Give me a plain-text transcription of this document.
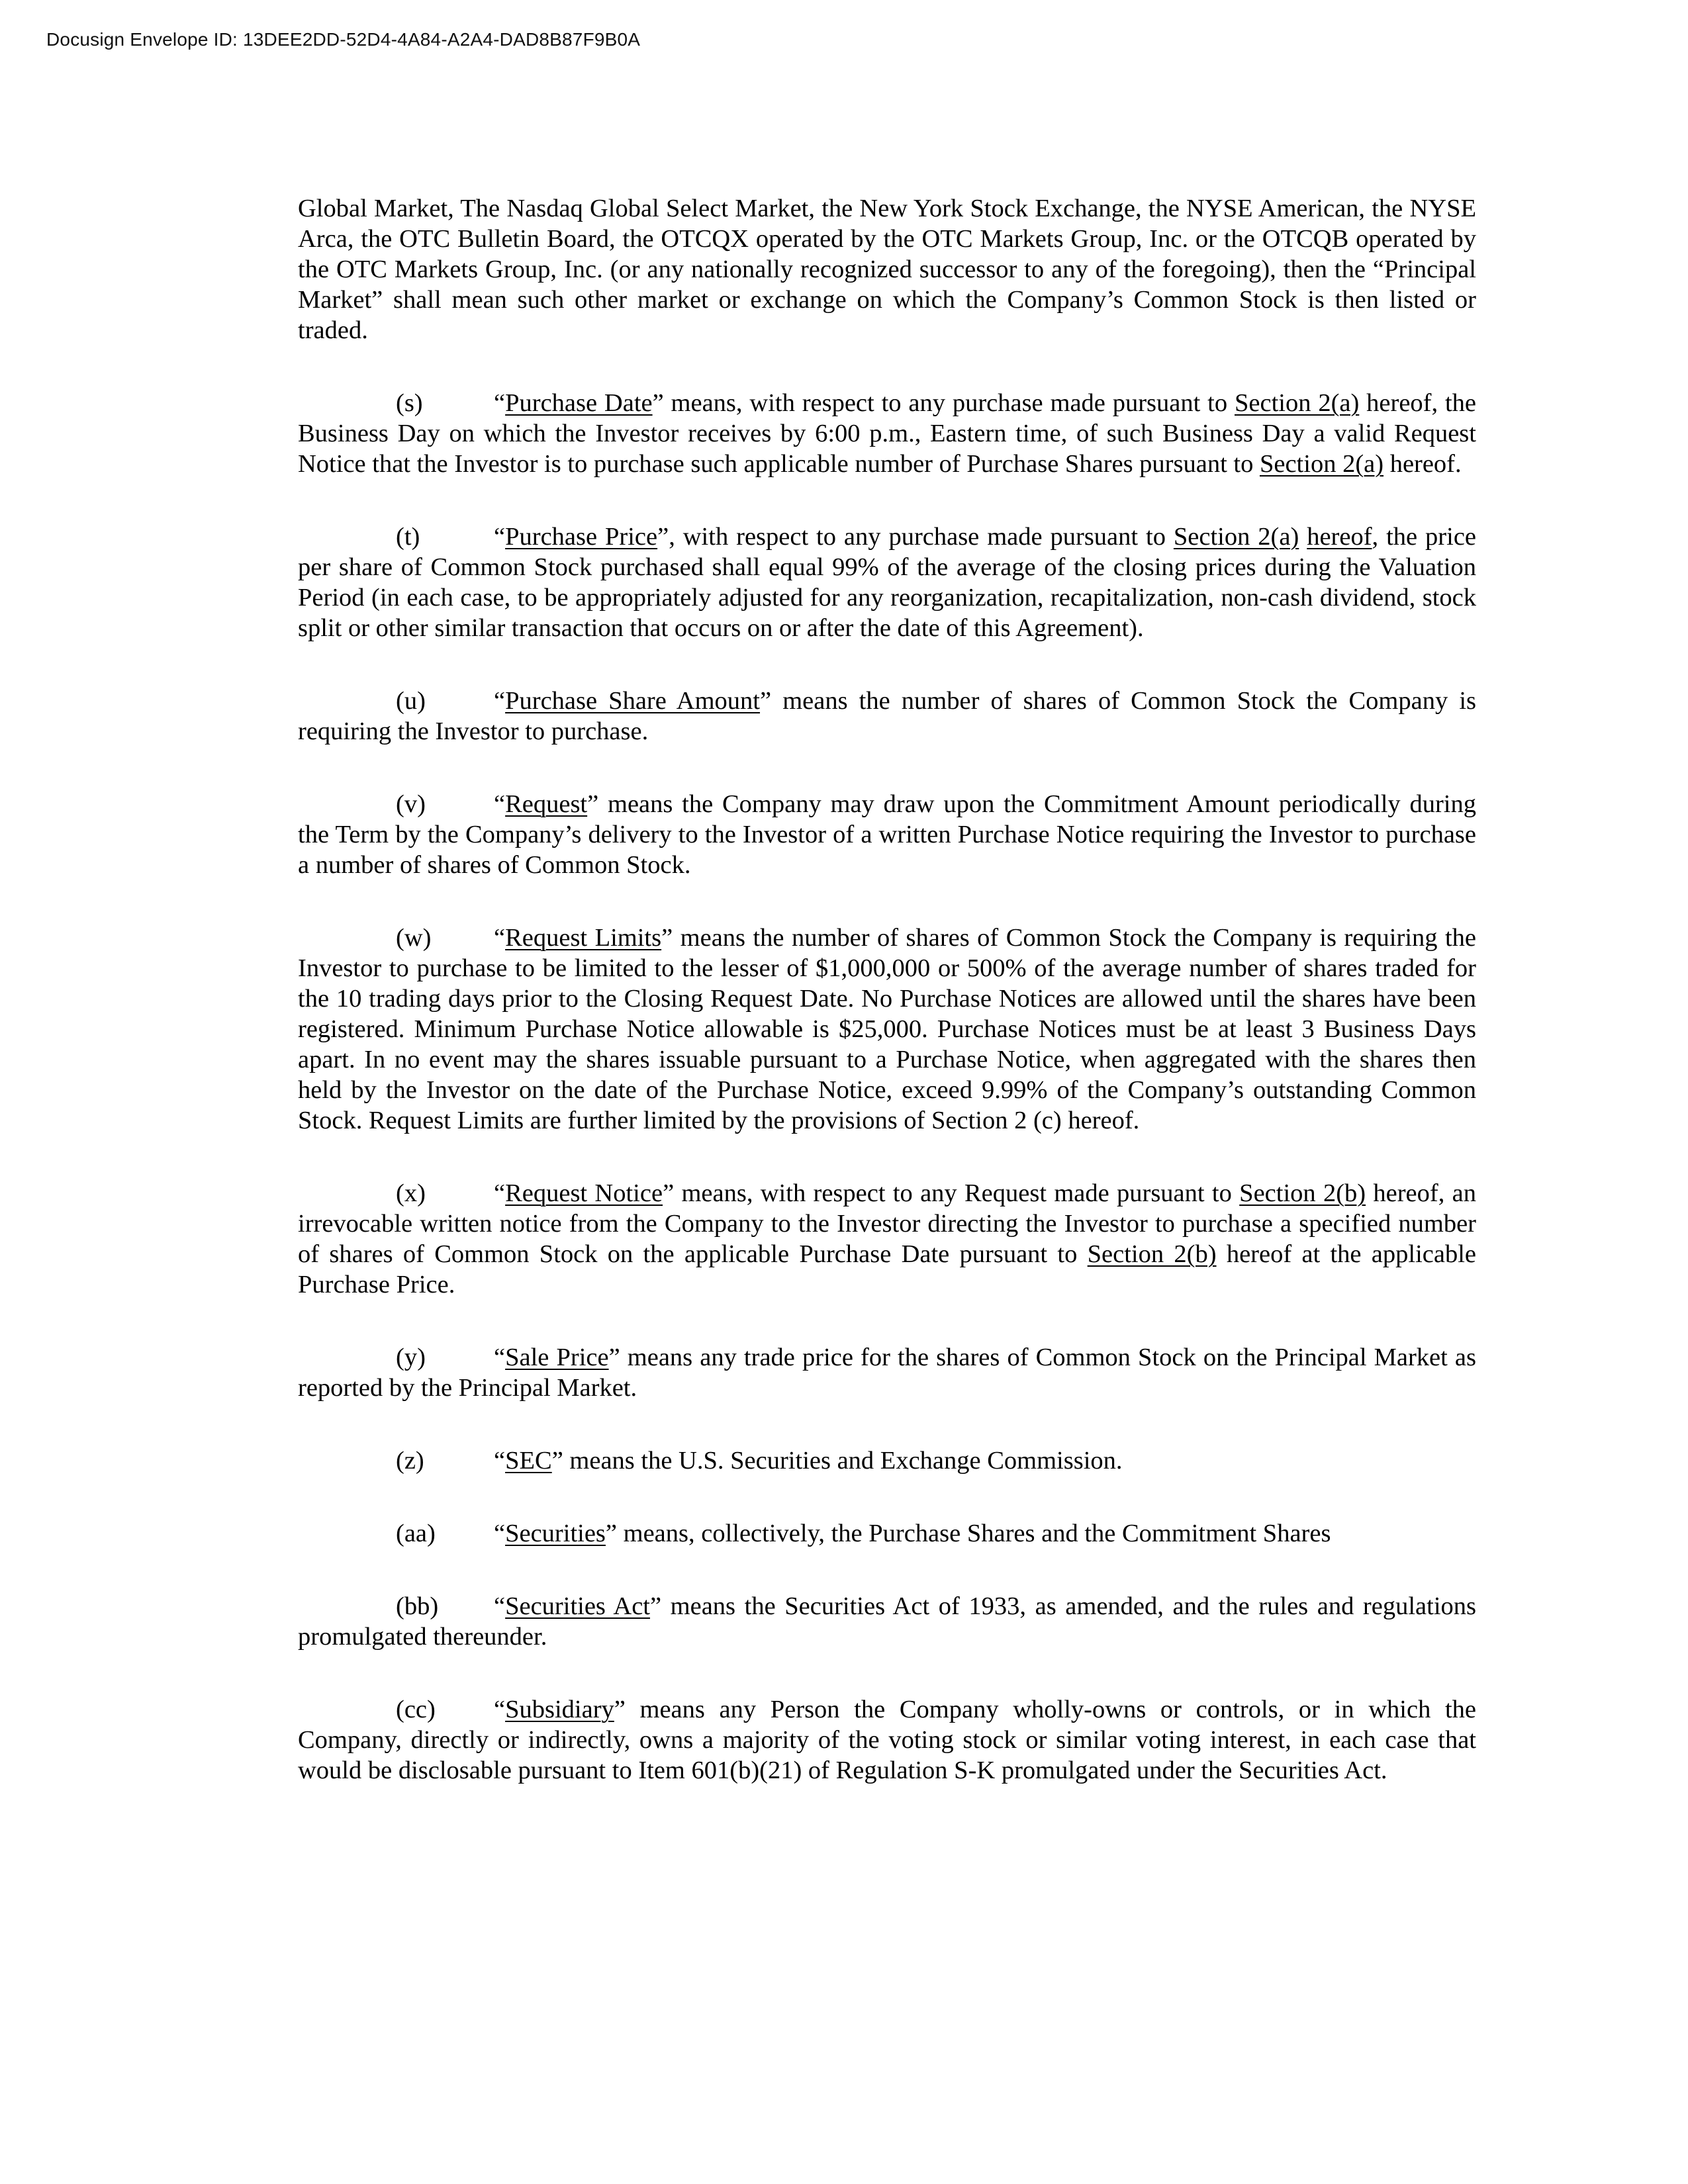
Docusign Envelope ID: 13DEE2DD-52D4-4A84-A2A4-DAD8B87F9B0A

Global Market, The Nasdaq Global Select Market, the New York Stock Exchange, the NYSE American, the NYSE Arca, the OTC Bulletin Board, the OTCQX operated by the OTC Markets Group, Inc. or the OTCQB operated by the OTC Markets Group, Inc. (or any nationally recognized successor to any of the foregoing), then the “Principal Market” shall mean such other market or exchange on which the Company’s Common Stock is then listed or traded.

(s)	“Purchase Date” means, with respect to any purchase made pursuant to Section 2(a) hereof, the Business Day on which the Investor receives by 6:00 p.m., Eastern time, of such Business Day a valid Request Notice that the Investor is to purchase such applicable number of Purchase Shares pursuant to Section 2(a) hereof.

(t)	“Purchase Price”, with respect to any purchase made pursuant to Section 2(a) hereof, the price per share of Common Stock purchased shall equal 99% of the average of the closing prices during the Valuation Period (in each case, to be appropriately adjusted for any reorganization, recapitalization, non-cash dividend, stock split or other similar transaction that occurs on or after the date of this Agreement).

(u)	“Purchase Share Amount” means the number of shares of Common Stock the Company is requiring the Investor to purchase.

(v)	“Request” means the Company may draw upon the Commitment Amount periodically during the Term by the Company’s delivery to the Investor of a written Purchase Notice requiring the Investor to purchase a number of shares of Common Stock.

(w) “Request Limits” means the number of shares of Common Stock the Company is requiring the Investor to purchase to be limited to the lesser of $1,000,000 or 500% of the average number of shares traded for the 10 trading days prior to the Closing Request Date. No Purchase Notices are allowed until the shares have been registered. Minimum Purchase Notice allowable is $25,000. Purchase Notices must be at least 3 Business Days apart. In no event may the shares issuable pursuant to a Purchase Notice, when aggregated with the shares then held by the Investor on the date of the Purchase Notice, exceed 9.99% of the Company’s outstanding Common Stock. Request Limits are further limited by the provisions of Section 2 (c) hereof.

(x)	“Request Notice” means, with respect to any Request made pursuant to Section 2(b) hereof, an irrevocable written notice from the Company to the Investor directing the Investor to purchase a specified number of shares of Common Stock on the applicable Purchase Date pursuant to Section 2(b) hereof at the applicable Purchase Price.

(y)	“Sale Price” means any trade price for the shares of Common Stock on the Principal Market as reported by the Principal Market.

(z)	“SEC” means the U.S. Securities and Exchange Commission.

(aa) “Securities” means, collectively, the Purchase Shares and the Commitment Shares

(bb) “Securities Act” means the Securities Act of 1933, as amended, and the rules and regulations promulgated thereunder.

(cc) “Subsidiary” means any Person the Company wholly-owns or controls, or in which the Company, directly or indirectly, owns a majority of the voting stock or similar voting interest, in each case that would be disclosable pursuant to Item 601(b)(21) of Regulation S-K promulgated under the Securities Act.
